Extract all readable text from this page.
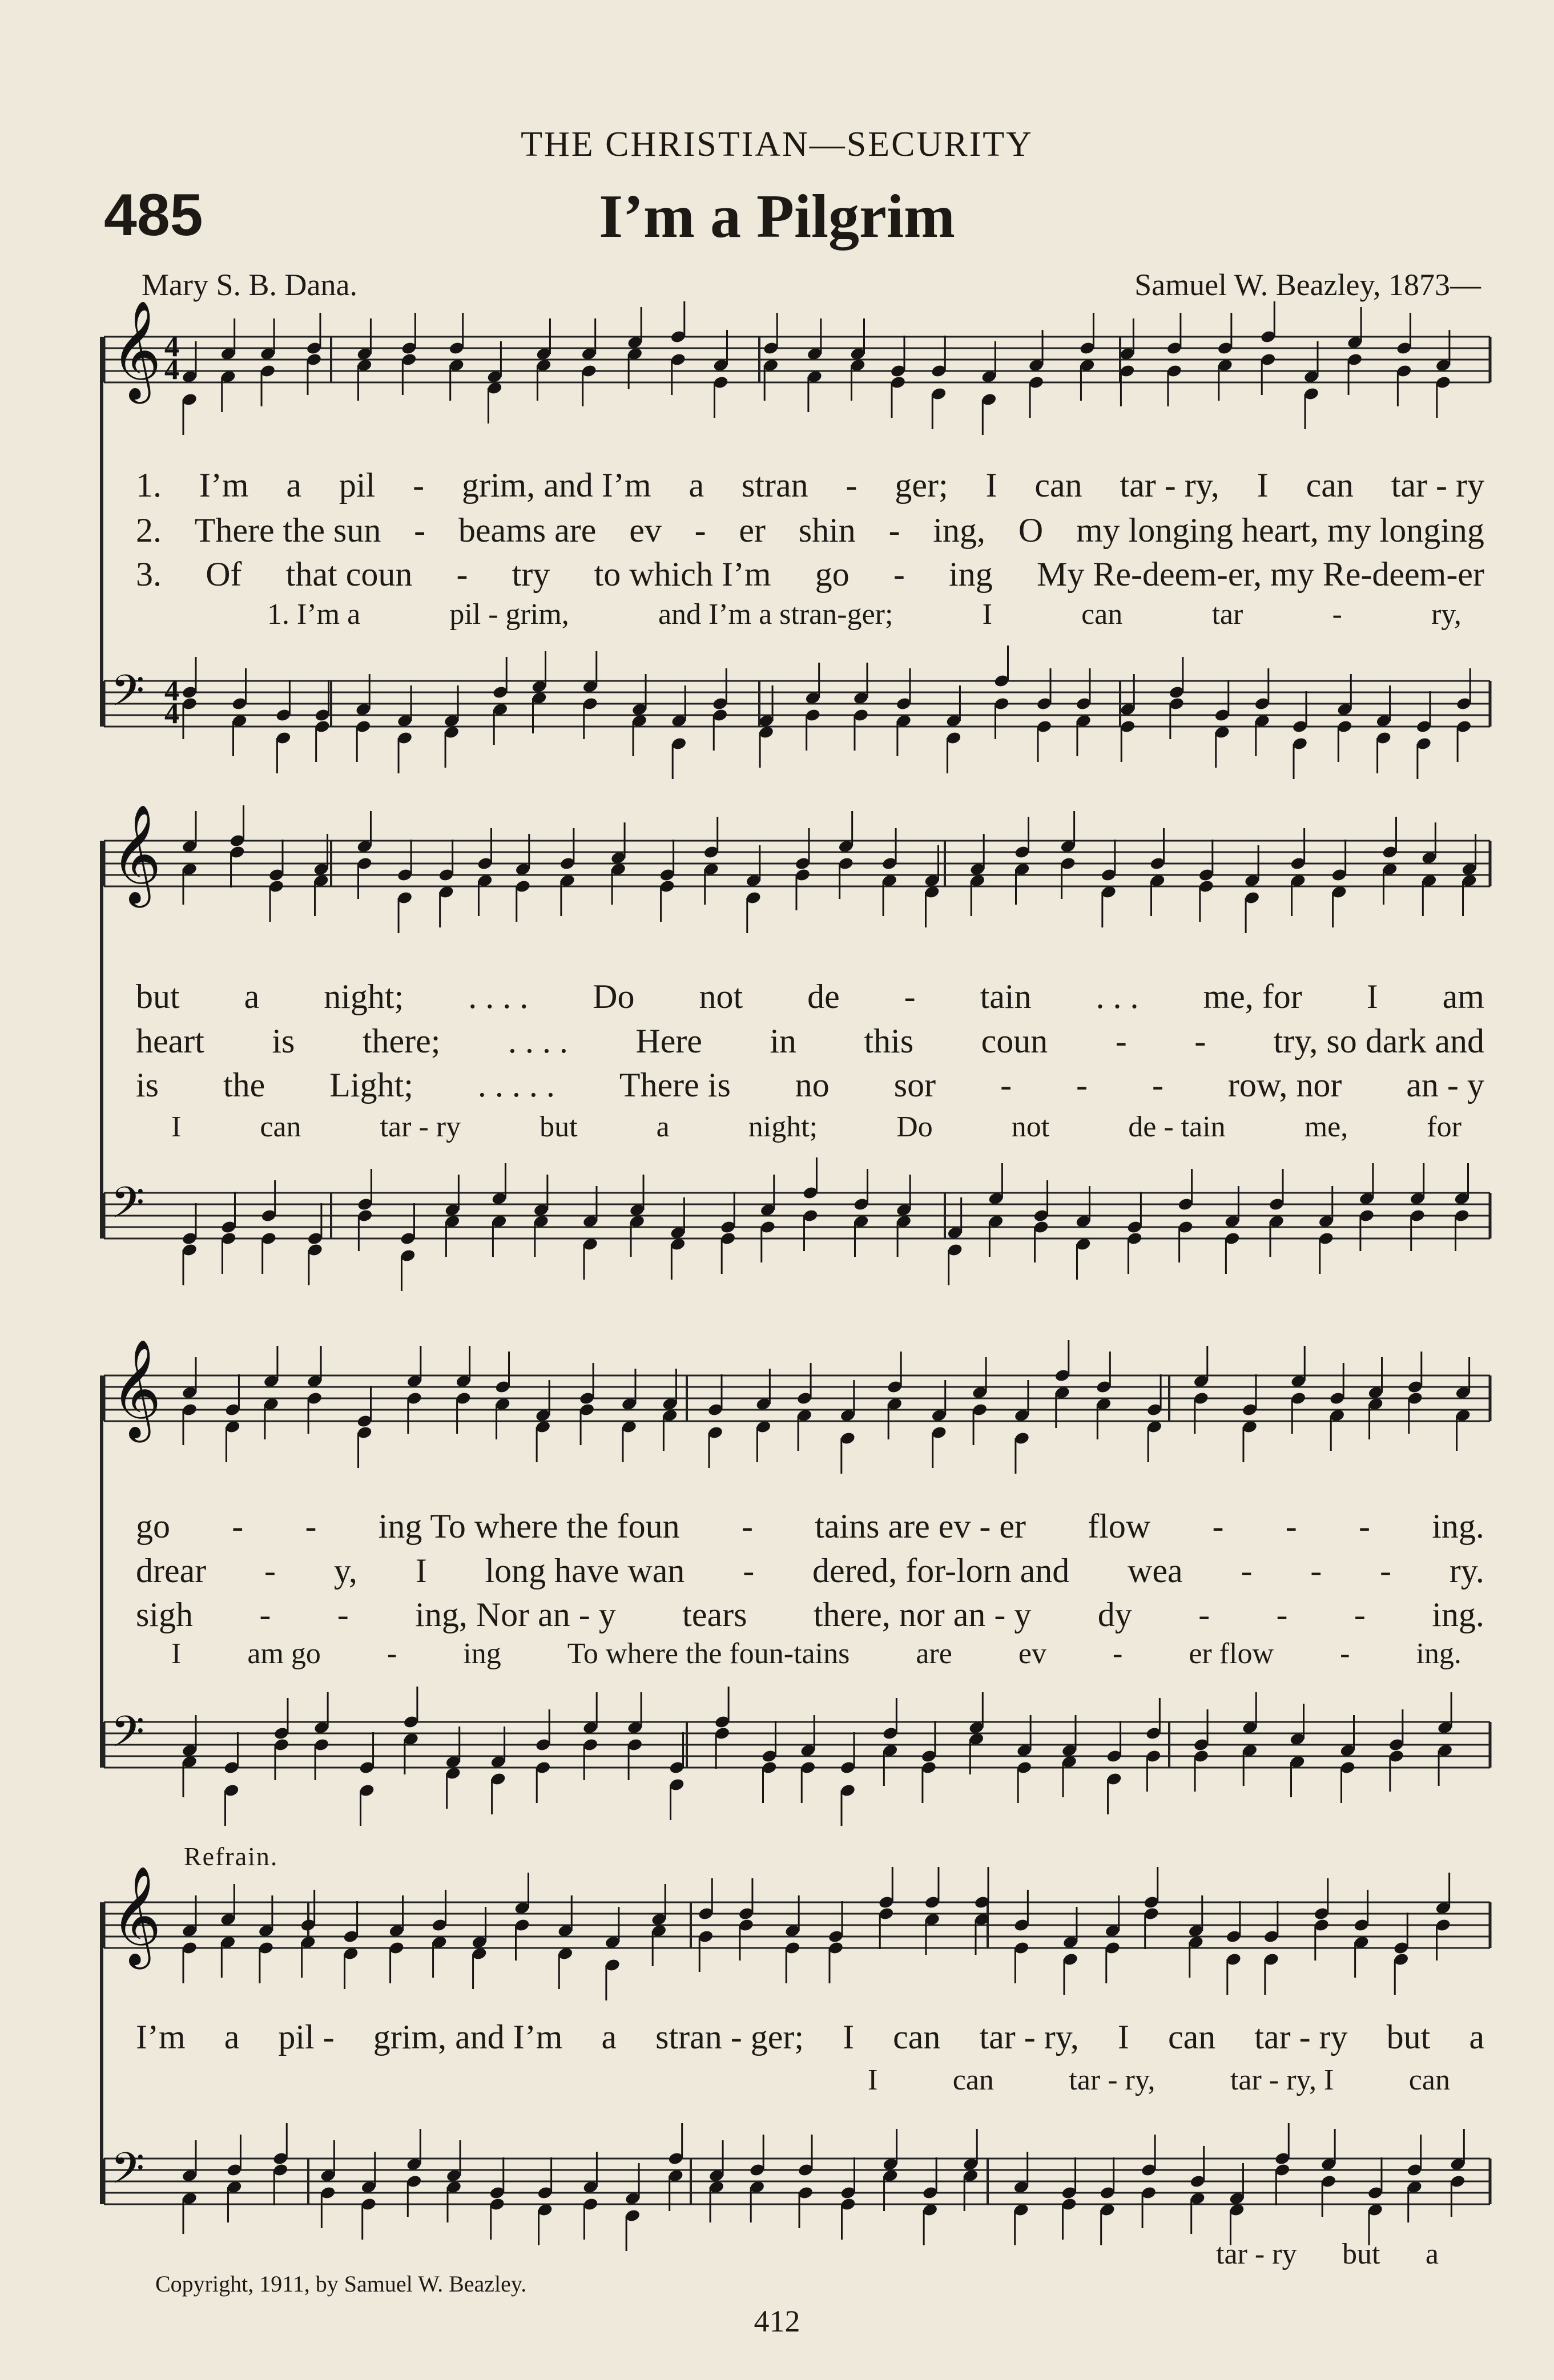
THE CHRISTIAN—SECURITY
485	I’m a Pilgrim
Mary S. B. Dana.	Samuel W. Beazley, 1873—
𝄞
𝄢
𝄞
𝄢
𝄞
𝄢
𝄞
𝄢
4
4
4
4
1. I’m a pil - grim, and I’m a stran - ger; I can tar - ry, I can tar - ry
2. There the sun - beams are ev - er shin - ing, O my longing heart, my longing
3. Of that coun - try to which I’m go - ing My Re-deem-er, my Re-deem-er
1. I’m a	pil - grim,	and I’m a stran-ger;	I	can	tar	-	ry,
but a night; . . . . Do not de - tain . . . me, for I am
heart is there; . . . . Here in this coun - - try, so dark and
is the Light; . . . . . There is no sor - - - row, nor an - y
I	can	tar - ry	but	a	night;	Do	not	de - tain	me,	for
go - - ing To where the foun - tains are ev - er flow - - - ing.
drear - y, I long have wan - dered, for-lorn and wea - - - ry.
sigh - - ing, Nor an - y tears there, nor an - y dy - - - ing.
I am go - ing To where the foun-tains are ev - er flow - ing.
I’m a pil - grim, and I’m a stran - ger; I can tar - ry, I can tar - ry but a
I	can	tar - ry,	tar - ry, I	can
tar - ry but a
Refrain.
Copyright, 1911, by Samuel W. Beazley.
412
